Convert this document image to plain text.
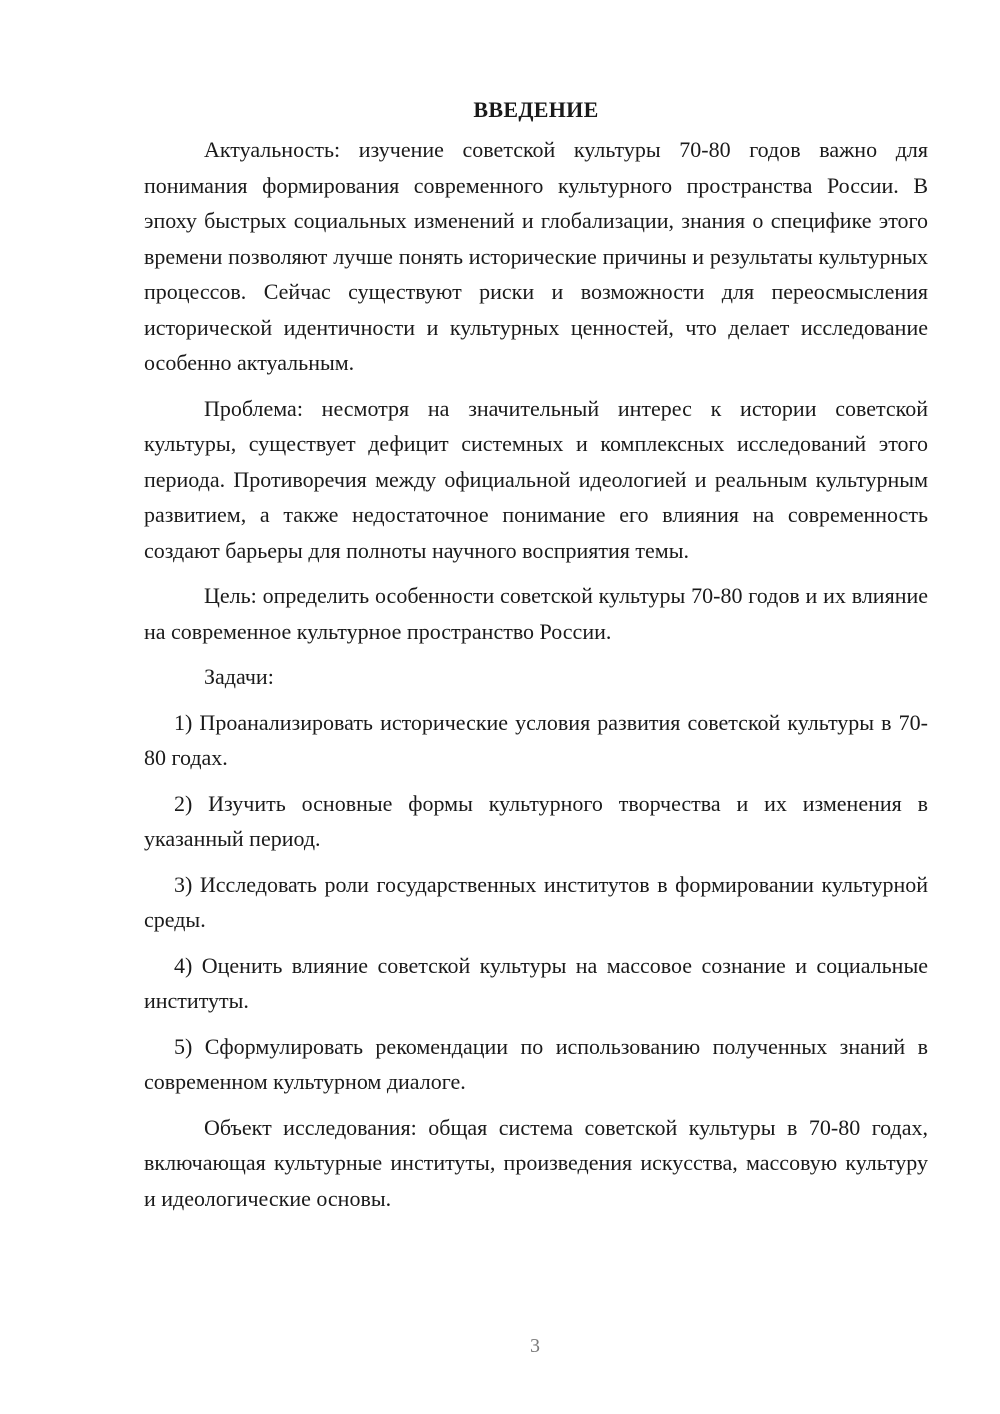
ВВЕДЕНИЕ

Актуальность: изучение советской культуры 70-80 годов важно для понимания формирования современного культурного пространства России. В эпоху быстрых социальных изменений и глобализации, знания о специфике этого времени позволяют лучше понять исторические причины и результаты культурных процессов. Сейчас существуют риски и возможности для переосмысления исторической идентичности и культурных ценностей, что делает исследование особенно актуальным.

Проблема: несмотря на значительный интерес к истории советской культуры, существует дефицит системных и комплексных исследований этого периода. Противоречия между официальной идеологией и реальным культурным развитием, а также недостаточное понимание его влияния на современность создают барьеры для полноты научного восприятия темы.

Цель: определить особенности советской культуры 70-80 годов и их влияние на современное культурное пространство России.

Задачи:

1) Проанализировать исторические условия развития советской культуры в 70-80 годах.

2) Изучить основные формы культурного творчества и их изменения в указанный период.

3) Исследовать роли государственных институтов в формировании культурной среды.

4) Оценить влияние советской культуры на массовое сознание и социальные институты.

5) Сформулировать рекомендации по использованию полученных знаний в современном культурном диалоге.

Объект исследования: общая система советской культуры в 70-80 годах, включающая культурные институты, произведения искусства, массовую культуру и идеологические основы.

3
